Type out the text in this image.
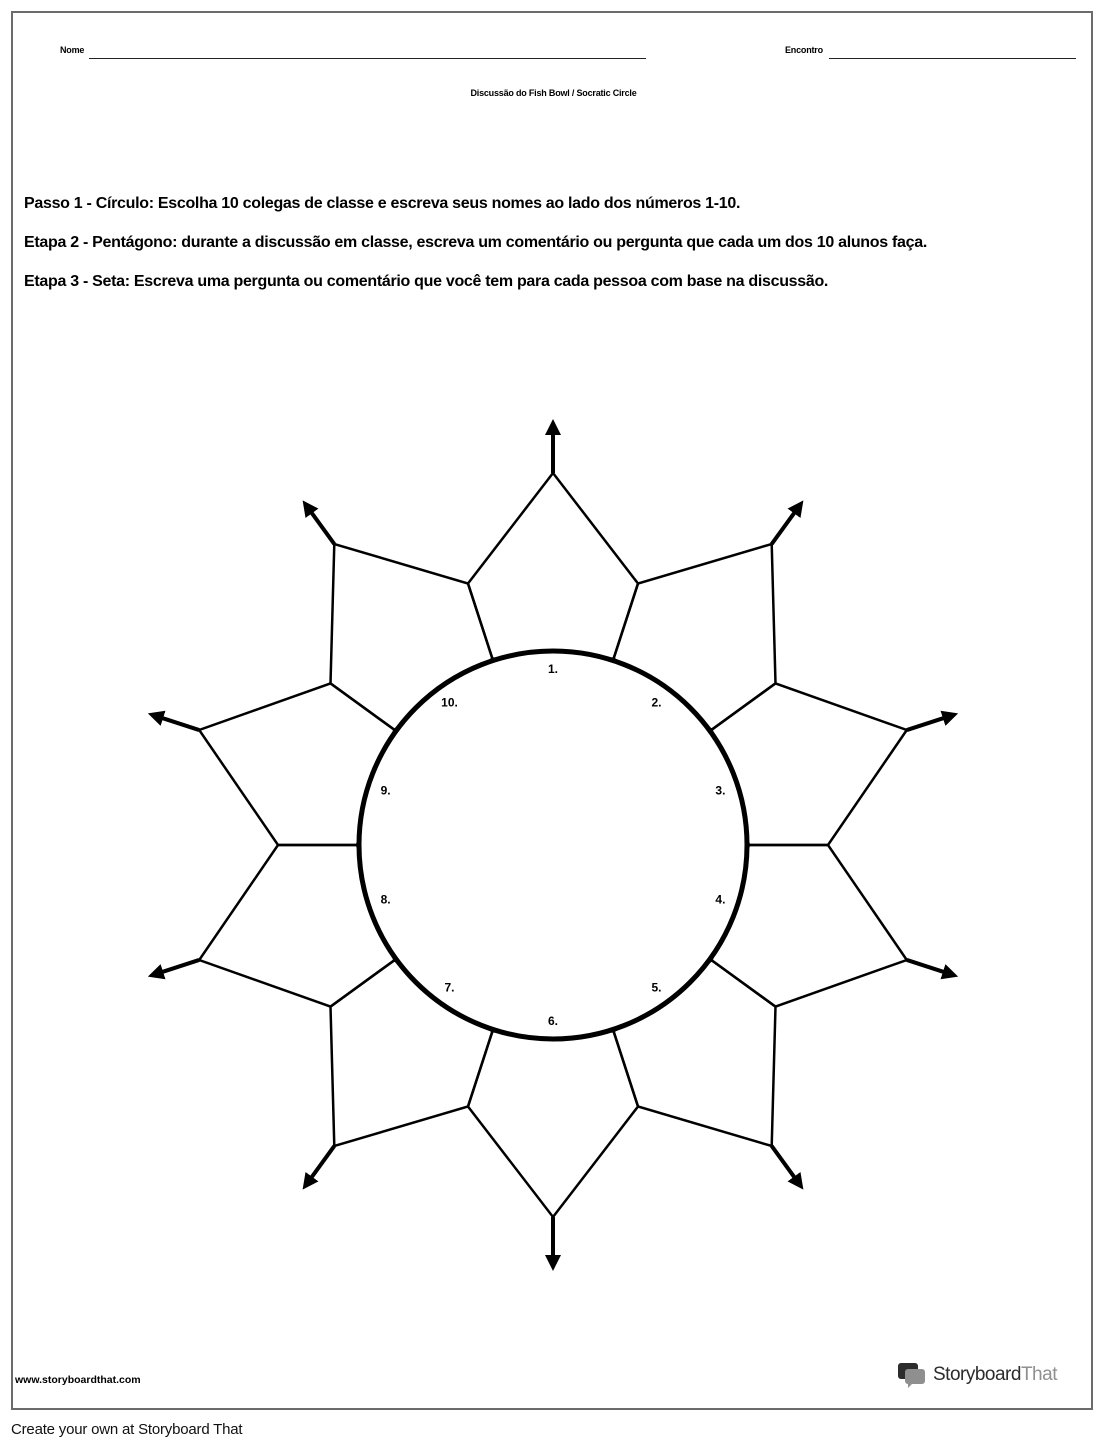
Nome	Encontro
Discussão do Fish Bowl / Socratic Circle
Passo 1 - Círculo: Escolha 10 colegas de classe e escreva seus nomes ao lado dos números 1-10.
Etapa 2 - Pentágono: durante a discussão em classe, escreva um comentário ou pergunta que cada um dos 10 alunos faça.
Etapa 3 - Seta: Escreva uma pergunta ou comentário que você tem para cada pessoa com base na discussão.
1.
2.
3.
4.
5.
6.
7.
8.
9.
10.
www.storyboardthat.com	StoryboardThat
Create your own at Storyboard That
